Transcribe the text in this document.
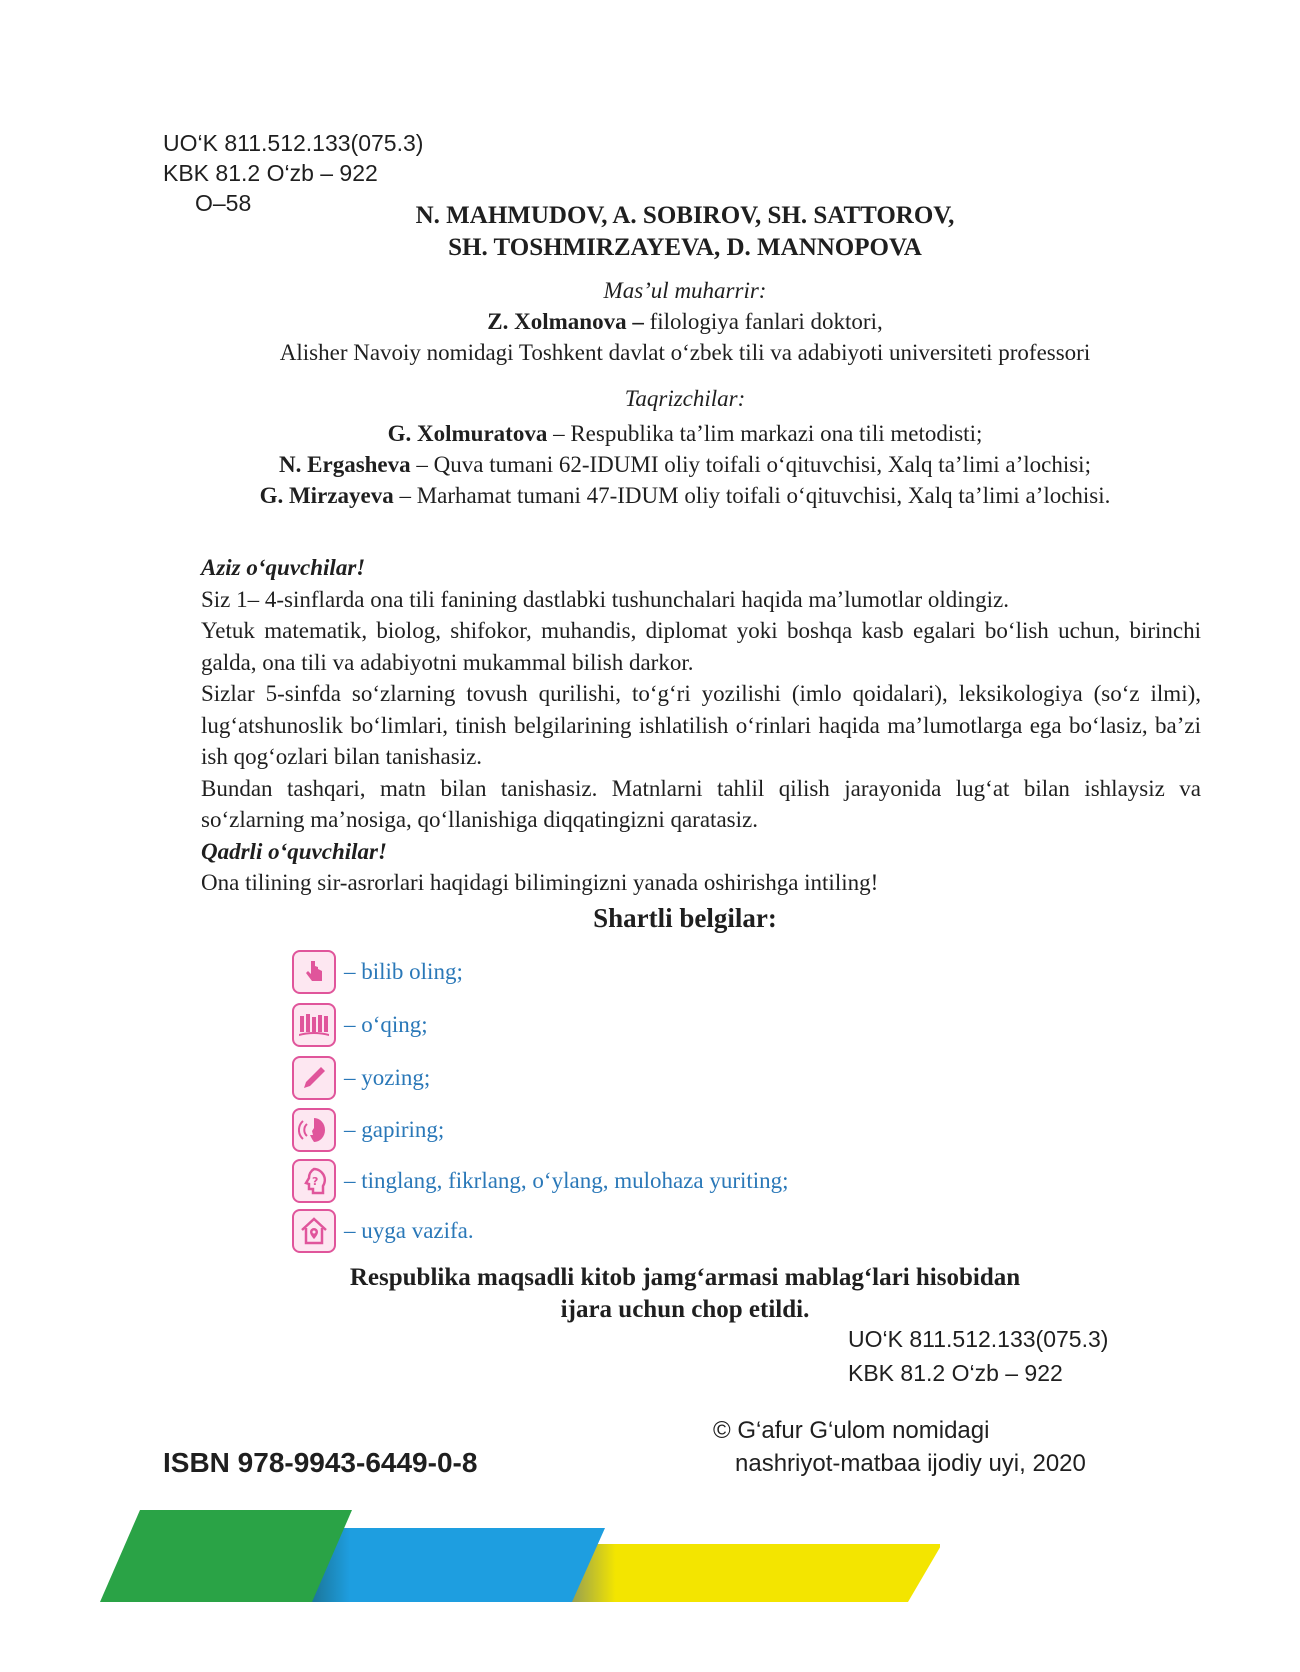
UO‘K 811.512.133(075.3)
KBK 81.2 O‘zb – 922
O–58	N. MAHMUDOV, A. SOBIROV, SH. SATTOROV,
SH. TOSHMIRZAYEVA, D. MANNOPOVA
Mas’ul muharrir:
Z. Xolmanova – filologiya fanlari doktori,
Alisher Navoiy nomidagi Toshkent davlat o‘zbek tili va adabiyoti universiteti professori
Taqrizchilar:
G. Xolmuratova – Respublika ta’lim markazi ona tili metodisti;
N. Ergasheva – Quva tumani 62-IDUMI oliy toifali o‘qituvchisi, Xalq ta’limi a’lochisi;
G. Mirzayeva – Marhamat tumani 47-IDUM oliy toifali o‘qituvchisi, Xalq ta’limi a’lochisi.

Aziz o‘quvchilar!

Siz 1– 4-sinflarda ona tili fanining dastlabki tushunchalari haqida ma’lumotlar oldingiz.

Yetuk matematik, biolog, shifokor, muhandis, diplomat yoki boshqa kasb egalari bo‘lish uchun, birinchi galda, ona tili va adabiyotni mukammal bilish darkor.

Sizlar 5-sinfda so‘zlarning tovush qurilishi, to‘g‘ri yozilishi (imlo qoidalari), leksikologiya (so‘z ilmi), lug‘atshunoslik bo‘limlari, tinish belgilarining ishlatilish o‘rinlari haqida ma’lumotlarga ega bo‘lasiz, ba’zi ish qog‘ozlari bilan tanishasiz.

Bundan tashqari, matn bilan tanishasiz. Matnlarni tahlil qilish jarayonida lug‘at bilan ishlaysiz va so‘zlarning ma’nosiga, qo‘llanishiga diqqatingizni qaratasiz.

Qadrli o‘quvchilar!

Ona tilining sir-asrorlari haqidagi bilimingizni yanada oshirishga intiling!

Shartli belgilar:
– bilib oling;
– o‘qing;
– yozing;
– gapiring;
? – tinglang, fikrlang, o‘ylang, mulohaza yuriting;
– uyga vazifa.
Respublika maqsadli kitob jamg‘armasi mablag‘lari hisobidan
ijara uchun chop etildi.
UO‘K 811.512.133(075.3)
KBK 81.2 O‘zb – 922
ISBN 978-9943-6449-0-8
© G‘afur G‘ulom nomidagi
nashriyot-matbaa ijodiy uyi, 2020
